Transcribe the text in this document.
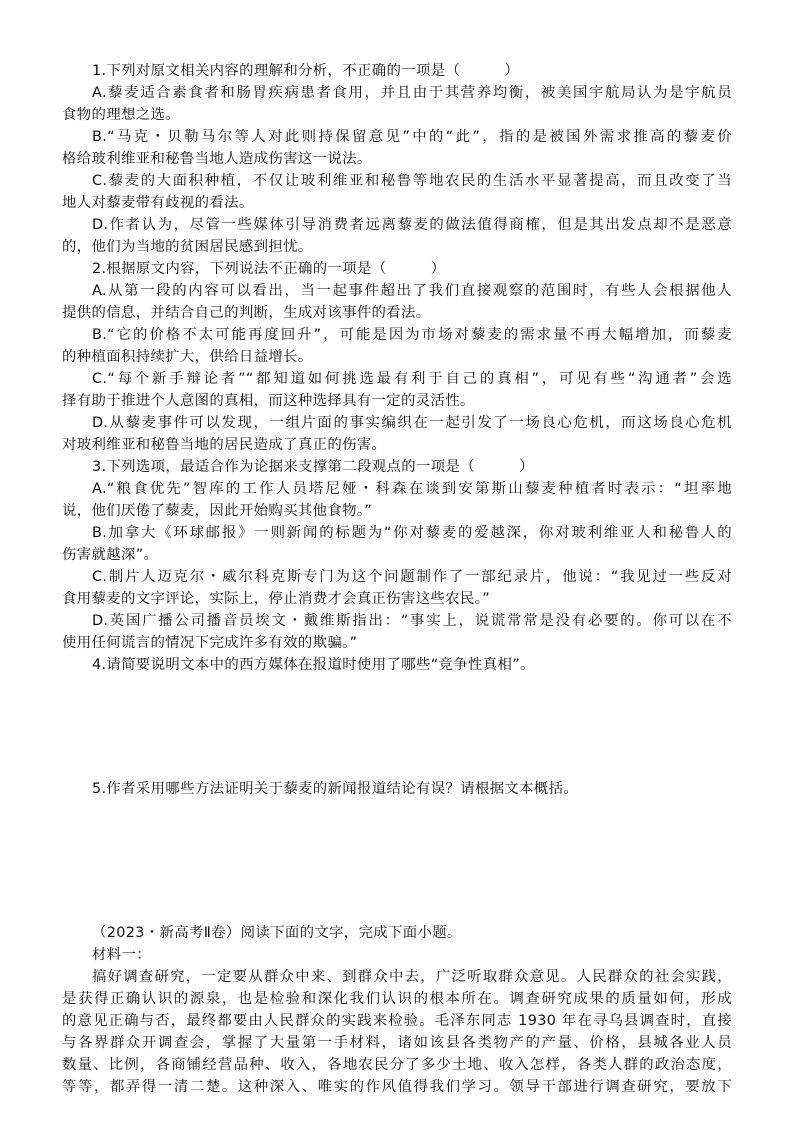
1.下列对原文相关内容的理解和分析，不正确的一项是（　　　）
A.藜麦适合素食者和肠胃疾病患者食用，并且由于其营养均衡，被美国宇航局认为是宇航员
食物的理想之选。
B.“马克・贝勒马尔等人对此则持保留意见”中的“此”，指的是被国外需求推高的藜麦价
格给玻利维亚和秘鲁当地人造成伤害这一说法。
C.藜麦的大面积种植，不仅让玻利维亚和秘鲁等地农民的生活水平显著提高，而且改变了当
地人对藜麦带有歧视的看法。
D.作者认为，尽管一些媒体引导消费者远离藜麦的做法值得商榷，但是其出发点却不是恶意
的，他们为当地的贫困居民感到担忧。
2.根据原文内容，下列说法不正确的一项是（　　　）
A.从第一段的内容可以看出，当一起事件超出了我们直接观察的范围时，有些人会根据他人
提供的信息，并结合自己的判断，生成对该事件的看法。
B.“它的价格不太可能再度回升”，可能是因为市场对藜麦的需求量不再大幅增加，而藜麦
的种植面积持续扩大，供给日益增长。
C.“每个新手辩论者”“都知道如何挑选最有利于自己的真相”，可见有些“沟通者”会选
择有助于推进个人意图的真相，而这种选择具有一定的灵活性。
D.从藜麦事件可以发现，一组片面的事实编织在一起引发了一场良心危机，而这场良心危机
对玻利维亚和秘鲁当地的居民造成了真正的伤害。
3.下列选项，最适合作为论据来支撑第二段观点的一项是（　　　）
A.“粮食优先”智库的工作人员塔尼娅・科森在谈到安第斯山藜麦种植者时表示：“坦率地
说，他们厌倦了藜麦，因此开始购买其他食物。”
B.加拿大《环球邮报》一则新闻的标题为“你对藜麦的爱越深，你对玻利维亚人和秘鲁人的
伤害就越深”。
C.制片人迈克尔・威尔科克斯专门为这个问题制作了一部纪录片，他说：“我见过一些反对
食用藜麦的文字评论，实际上，停止消费才会真正伤害这些农民。”
D.英国广播公司播音员埃文・戴维斯指出：“事实上，说谎常常是没有必要的。你可以在不
使用任何谎言的情况下完成许多有效的欺骗。”
4.请简要说明文本中的西方媒体在报道时使用了哪些“竞争性真相”。
5.作者采用哪些方法证明关于藜麦的新闻报道结论有误？请根据文本概括。
（2023・新高考Ⅱ卷）阅读下面的文字，完成下面小题。
材料一：
搞好调查研究，一定要从群众中来、到群众中去，广泛听取群众意见。人民群众的社会实践，
是获得正确认识的源泉，也是检验和深化我们认识的根本所在。调查研究成果的质量如何，形成
的意见正确与否，最终都要由人民群众的实践来检验。毛泽东同志 1930 年在寻乌县调查时，直接
与各界群众开调查会，掌握了大量第一手材料，诸如该县各类物产的产量、价格，县城各业人员
数量、比例，各商铺经营品种、收入，各地农民分了多少土地、收入怎样，各类人群的政治态度，
等等，都弄得一清二楚。这种深入、唯实的作风值得我们学习。领导干部进行调查研究，要放下
